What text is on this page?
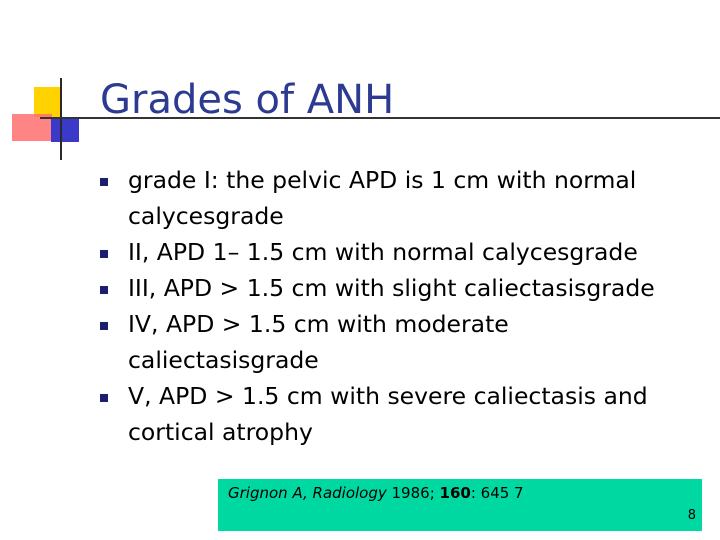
Grades of ANH
grade I: the pelvic APD is 1 cm with normal
calycesgrade
II, APD 1– 1.5 cm with normal calycesgrade
III, APD > 1.5 cm with slight caliectasisgrade
IV, APD > 1.5 cm with moderate
caliectasisgrade
V, APD > 1.5 cm with severe caliectasis and
cortical atrophy
Grignon A, Radiology 1986; 160: 645 7
8
